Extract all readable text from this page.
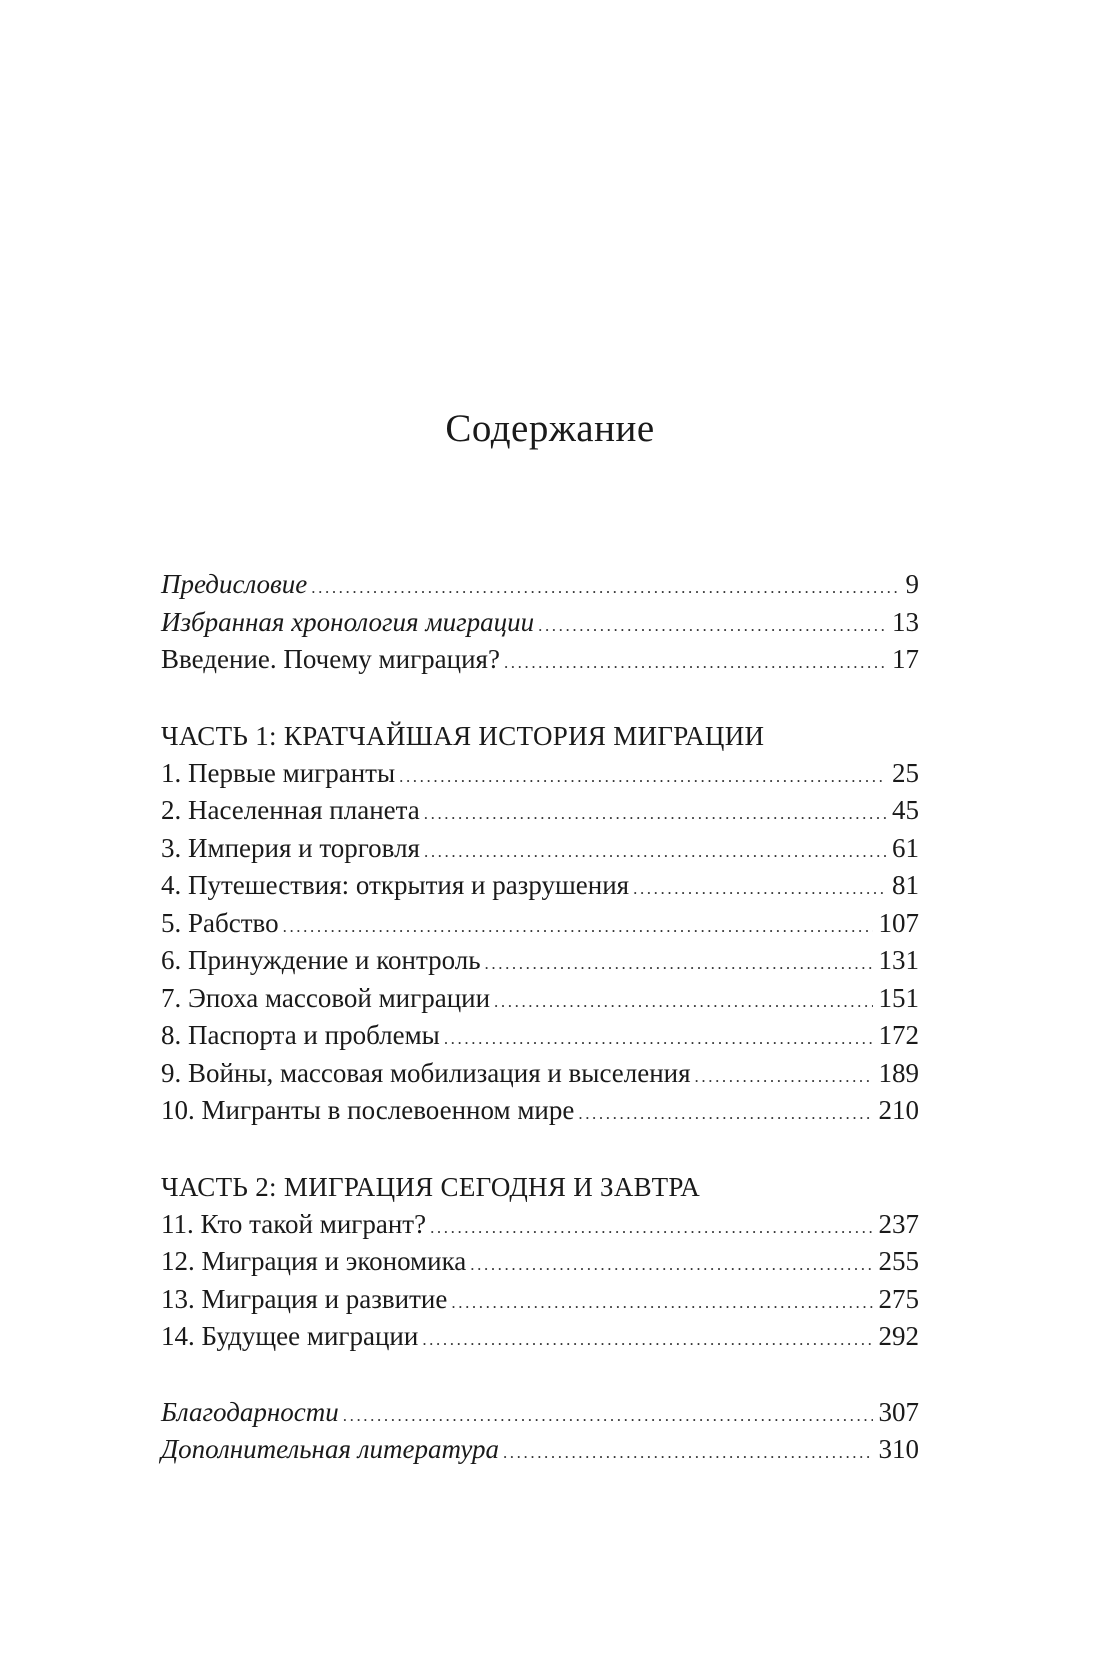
Содержание
Предисловие .....	9
Избранная хронология миграции .....	13
Введение. Почему миграция? .....	17
ЧАСТЬ 1: КРАТЧАЙШАЯ ИСТОРИЯ МИГРАЦИИ
1. Первые мигранты .....	25
2. Населенная планета .....	45
3. Империя и торговля .....	61
4. Путешествия: открытия и разрушения .....	81
5. Рабство .....	107
6. Принуждение и контроль .....	131
7. Эпоха массовой миграции .....	151
8. Паспорта и проблемы .....	172
9. Войны, массовая мобилизация и выселения .....	189
10. Мигранты в послевоенном мире .....	210
ЧАСТЬ 2: МИГРАЦИЯ СЕГОДНЯ И ЗАВТРА
11. Кто такой мигрант? .....	237
12. Миграция и экономика .....	255
13. Миграция и развитие .....	275
14. Будущее миграции .....	292
Благодарности .....	307
Дополнительная литература .....	310
